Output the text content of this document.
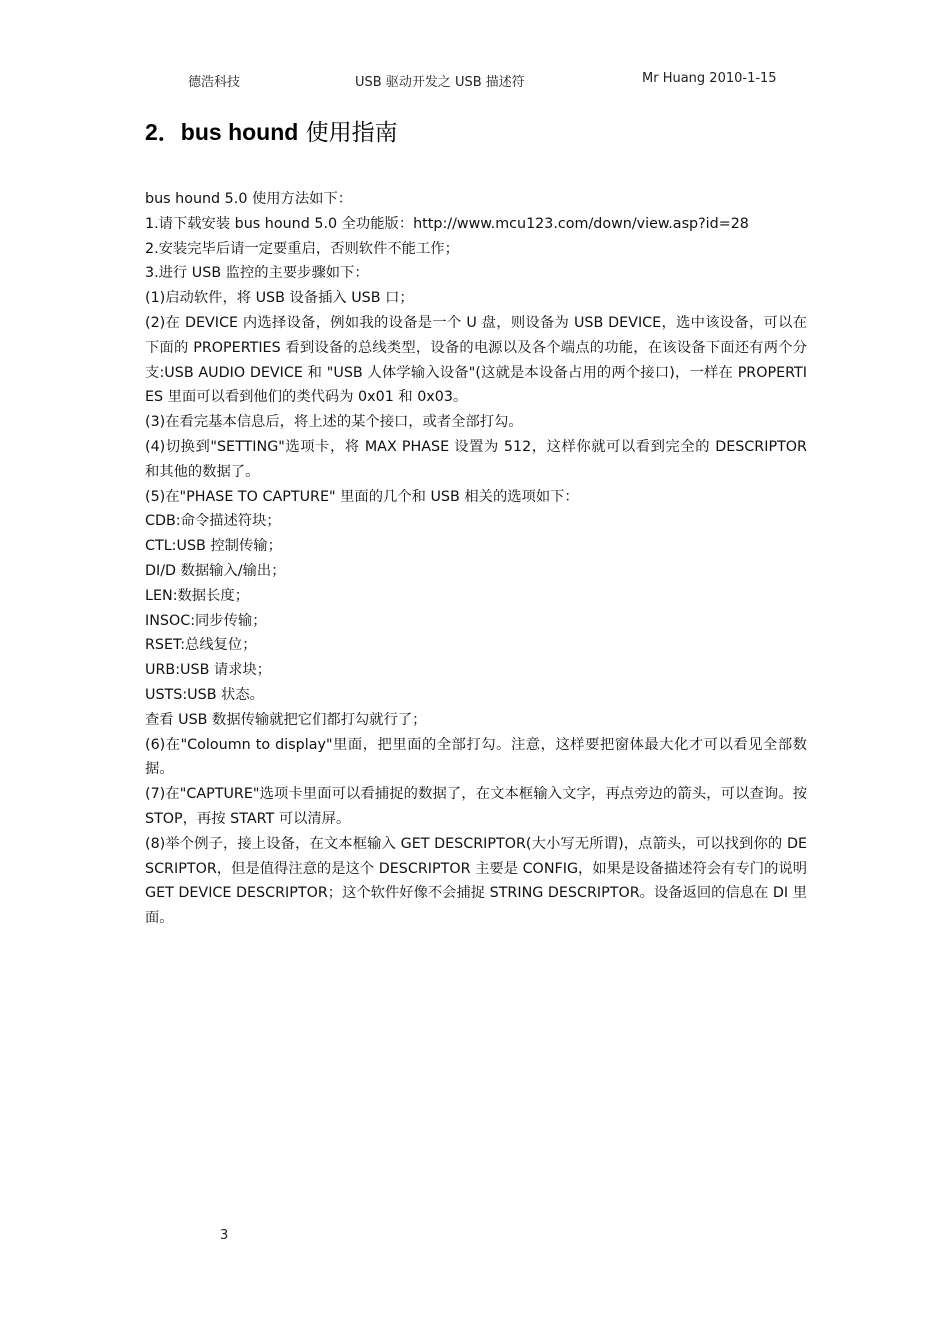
德浩科技	USB 驱动开发之 USB 描述符	Mr Huang 2010-1-15
2．bus hound 使用指南

bus hound 5.0 使用方法如下：

1.请下载安装 bus hound 5.0 全功能版：http://www.mcu123.com/down/view.asp?id=28

2.安装完毕后请一定要重启，否则软件不能工作；

3.进行 USB 监控的主要步骤如下：

(1)启动软件，将 USB 设备插入 USB 口；

(2)在 DEVICE 内选择设备，例如我的设备是一个 U 盘，则设备为 USB DEVICE，选中该设备，可以在下面的 PROPERTIES 看到设备的总线类型，设备的电源以及各个端点的功能，在该设备下面还有两个分支:USB AUDIO DEVICE 和 "USB 人体学输入设备"(这就是本设备占用的两个接口)，一样在 PROPERTIES 里面可以看到他们的类代码为 0x01 和 0x03。

(3)在看完基本信息后，将上述的某个接口，或者全部打勾。

(4)切换到"SETTING"选项卡，将 MAX PHASE 设置为 512，这样你就可以看到完全的 DESCRIPTOR 和其他的数据了。

(5)在"PHASE TO CAPTURE" 里面的几个和 USB 相关的选项如下：

CDB:命令描述符块；

CTL:USB 控制传输；

DI/D 数据输入/输出；

LEN:数据长度；

INSOC:同步传输；

RSET:总线复位；

URB:USB 请求块；

USTS:USB 状态。

查看 USB 数据传输就把它们都打勾就行了；

(6)在"Coloumn to display"里面，把里面的全部打勾。注意，这样要把窗体最大化才可以看见全部数据。

(7)在"CAPTURE"选项卡里面可以看捕捉的数据了，在文本框输入文字，再点旁边的箭头，可以查询。按 STOP，再按 START 可以清屏。

(8)举个例子，接上设备，在文本框输入 GET DESCRIPTOR(大小写无所谓)，点箭头，可以找到你的 DESCRIPTOR，但是值得注意的是这个 DESCRIPTOR 主要是 CONFIG，如果是设备描述符会有专门的说明 GET DEVICE DESCRIPTOR；这个软件好像不会捕捉 STRING DESCRIPTOR。设备返回的信息在 DI 里面。

3
